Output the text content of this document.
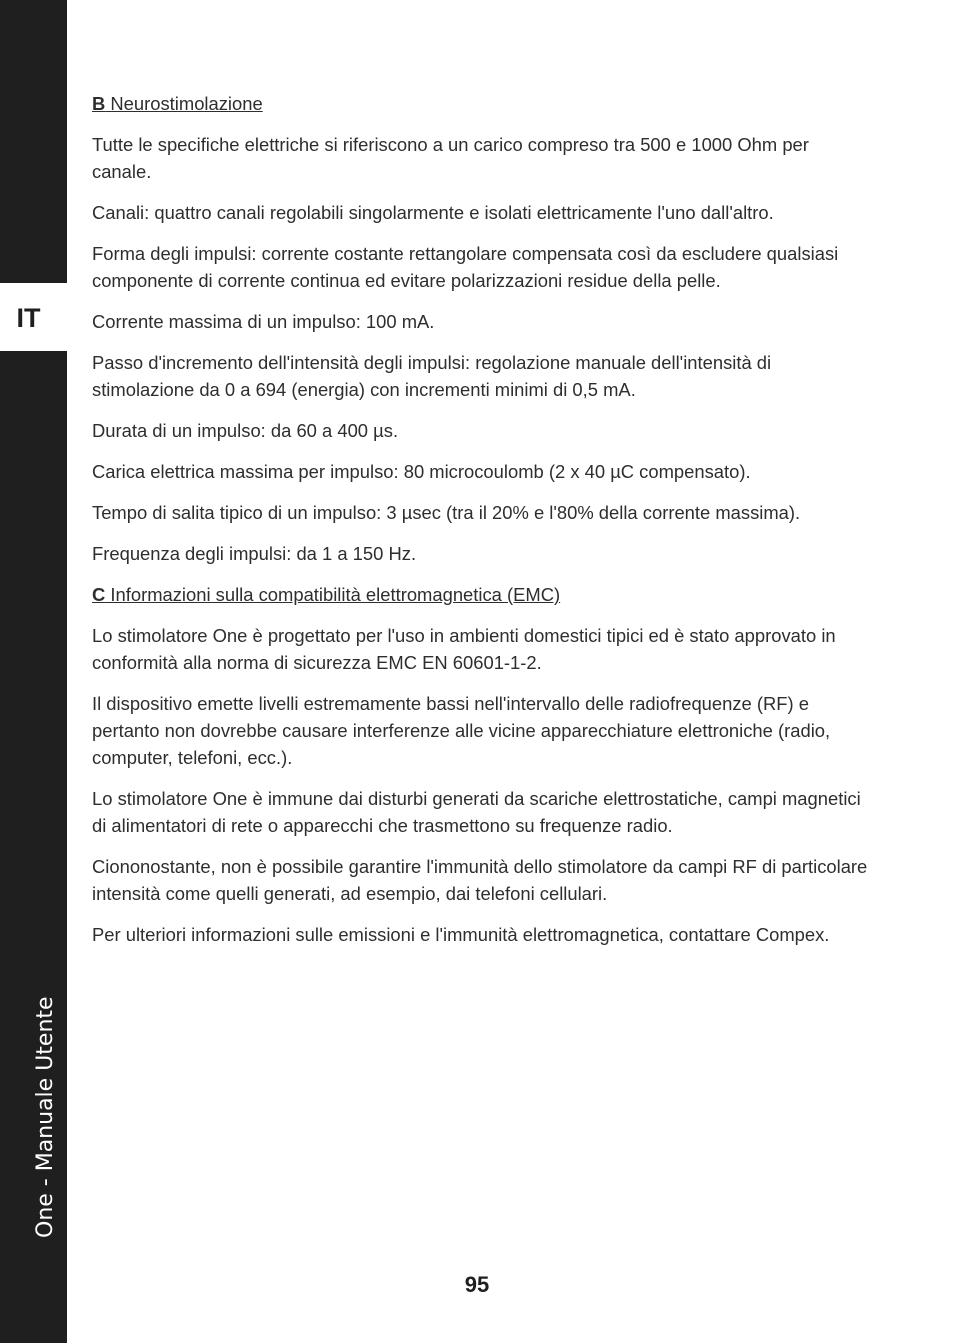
IT
One - Manuale Utente

B Neurostimolazione

Tutte le specifiche elettriche si riferiscono a un carico compreso tra 500 e 1000 Ohm per canale.

Canali: quattro canali regolabili singolarmente e isolati elettricamente l'uno dall'altro.

Forma degli impulsi: corrente costante rettangolare compensata così da escludere qualsiasi componente di corrente continua ed evitare polarizzazioni residue della pelle.

Corrente massima di un impulso: 100 mA.

Passo d'incremento dell'intensità degli impulsi: regolazione manuale dell'intensità di stimolazione da 0 a 694 (energia) con incrementi minimi di 0,5 mA.

Durata di un impulso: da 60 a 400 µs.

Carica elettrica massima per impulso: 80 microcoulomb (2 x 40 µC compensato).

Tempo di salita tipico di un impulso: 3 µsec (tra il 20% e l'80% della corrente massima).

Frequenza degli impulsi: da 1 a 150 Hz.

C Informazioni sulla compatibilità elettromagnetica (EMC)

Lo stimolatore One è progettato per l'uso in ambienti domestici tipici ed è stato approvato in conformità alla norma di sicurezza EMC EN 60601-1-2.

Il dispositivo emette livelli estremamente bassi nell'intervallo delle radiofrequenze (RF) e pertanto non dovrebbe causare interferenze alle vicine apparecchiature elettroniche (radio, computer, telefoni, ecc.).

Lo stimolatore One è immune dai disturbi generati da scariche elettrostatiche, campi magnetici di alimentatori di rete o apparecchi che trasmettono su frequenze radio.

Ciononostante, non è possibile garantire l'immunità dello stimolatore da campi RF di particolare intensità come quelli generati, ad esempio, dai telefoni cellulari.

Per ulteriori informazioni sulle emissioni e l'immunità elettromagnetica, contattare Compex.

95
